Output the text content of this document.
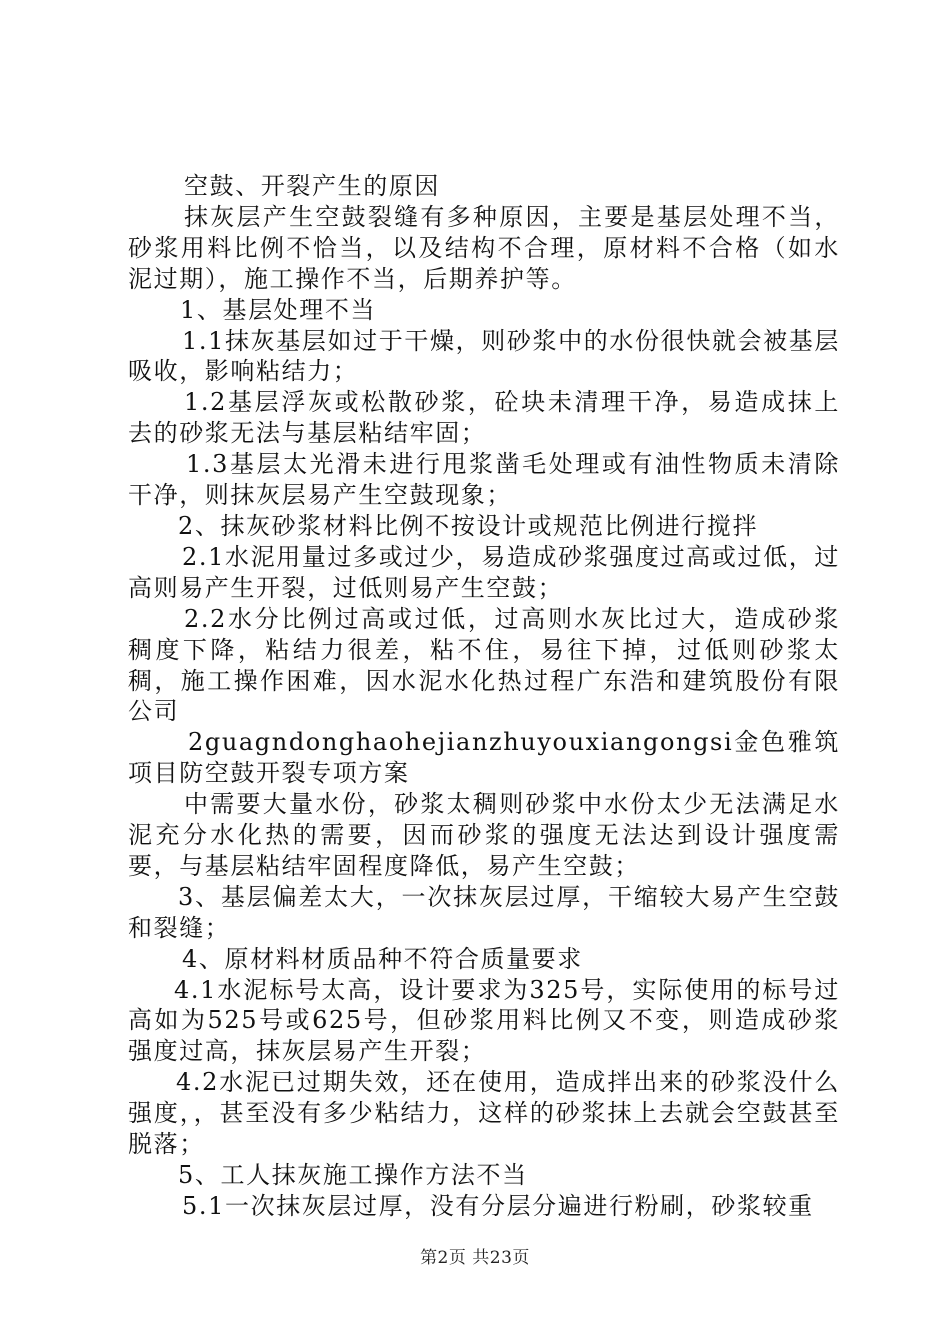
空鼓、开裂产生的原因

抹灰层产生空鼓裂缝有多种原因，主要是基层处理不当，砂浆用料比例不恰当，以及结构不合理，原材料不合格（如水泥过期），施工操作不当，后期养护等。

1、基层处理不当

1.1抹灰基层如过于干燥，则砂浆中的水份很快就会被基层吸收，影响粘结力；

1.2基层浮灰或松散砂浆，砼块未清理干净，易造成抹上去的砂浆无法与基层粘结牢固；

1.3基层太光滑未进行甩浆凿毛处理或有油性物质未清除干净，则抹灰层易产生空鼓现象；

2、抹灰砂浆材料比例不按设计或规范比例进行搅拌

2.1水泥用量过多或过少，易造成砂浆强度过高或过低，过高则易产生开裂，过低则易产生空鼓；

2.2水分比例过高或过低，过高则水灰比过大，造成砂浆稠度下降，粘结力很差，粘不住，易往下掉，过低则砂浆太稠，施工操作困难，因水泥水化热过程广东浩和建筑股份有限公司

2guagndonghaohejianzhuyouxiangongsi金色雅筑项目防空鼓开裂专项方案

中需要大量水份，砂浆太稠则砂浆中水份太少无法满足水泥充分水化热的需要，因而砂浆的强度无法达到设计强度需要，与基层粘结牢固程度降低，易产生空鼓；

3、基层偏差太大，一次抹灰层过厚，干缩较大易产生空鼓和裂缝；

4、原材料材质品种不符合质量要求

4.1水泥标号太高，设计要求为325号，实际使用的标号过高如为525号或625号，但砂浆用料比例又不变，则造成砂浆强度过高，抹灰层易产生开裂；

4.2水泥已过期失效，还在使用，造成拌出来的砂浆没什么强度，，甚至没有多少粘结力，这样的砂浆抹上去就会空鼓甚至脱落；

5、工人抹灰施工操作方法不当

5.1一次抹灰层过厚，没有分层分遍进行粉刷，砂浆较重

第2页 共23页
